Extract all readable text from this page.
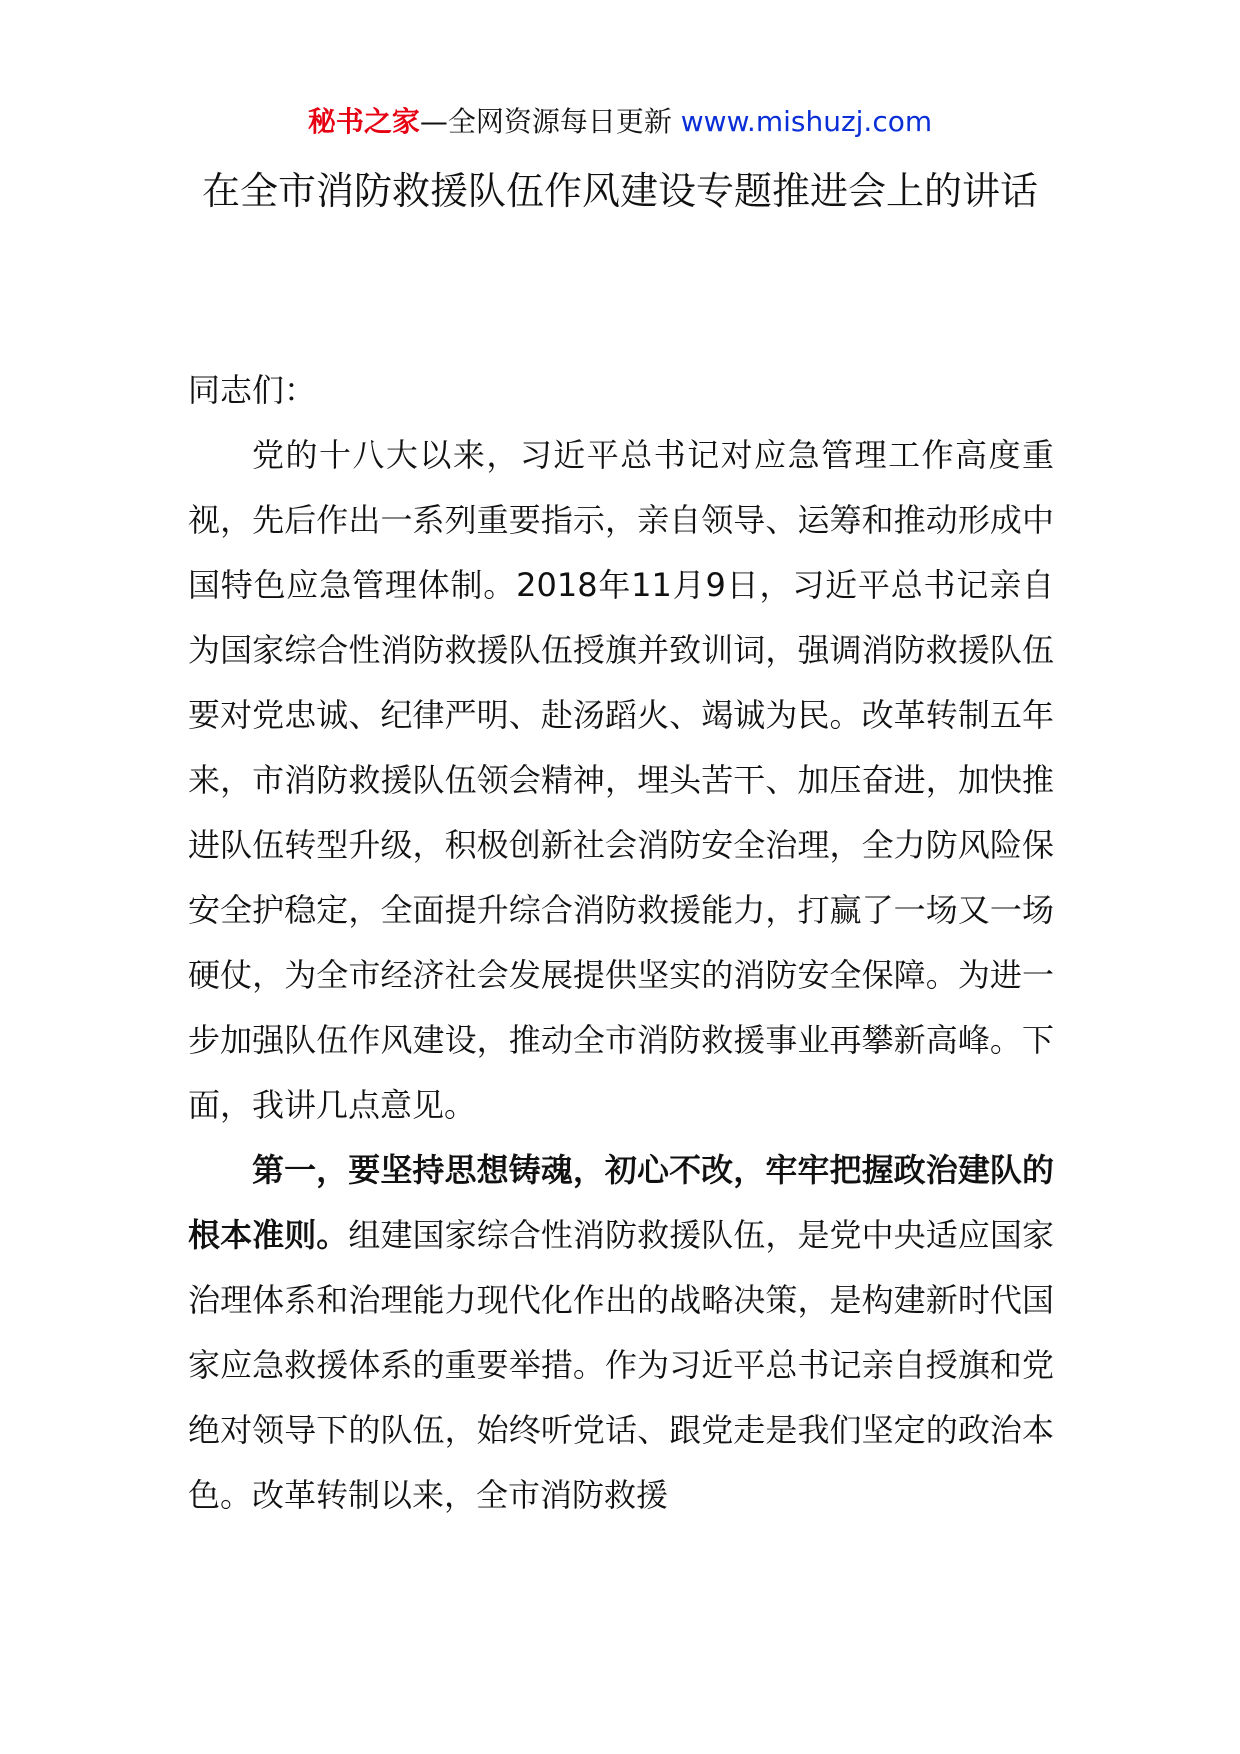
秘书之家—全网资源每日更新 www.mishuzj.com
在全市消防救援队伍作风建设专题推进会上的讲话

同志们：

党的十八大以来，习近平总书记对应急管理工作高度重视，先后作出一系列重要指示，亲自领导、运筹和推动形成中国特色应急管理体制。2018年11月9日，习近平总书记亲自为国家综合性消防救援队伍授旗并致训词，强调消防救援队伍要对党忠诚、纪律严明、赴汤蹈火、竭诚为民。改革转制五年来，市消防救援队伍领会精神，埋头苦干、加压奋进，加快推进队伍转型升级，积极创新社会消防安全治理，全力防风险保安全护稳定，全面提升综合消防救援能力，打赢了一场又一场硬仗，为全市经济社会发展提供坚实的消防安全保障。为进一步加强队伍作风建设，推动全市消防救援事业再攀新高峰。下面，我讲几点意见。

第一，要坚持思想铸魂，初心不改，牢牢把握政治建队的根本准则。组建国家综合性消防救援队伍，是党中央适应国家治理体系和治理能力现代化作出的战略决策，是构建新时代国家应急救援体系的重要举措。作为习近平总书记亲自授旗和党绝对领导下的队伍，始终听党话、跟党走是我们坚定的政治本色。改革转制以来，全市消防救援
